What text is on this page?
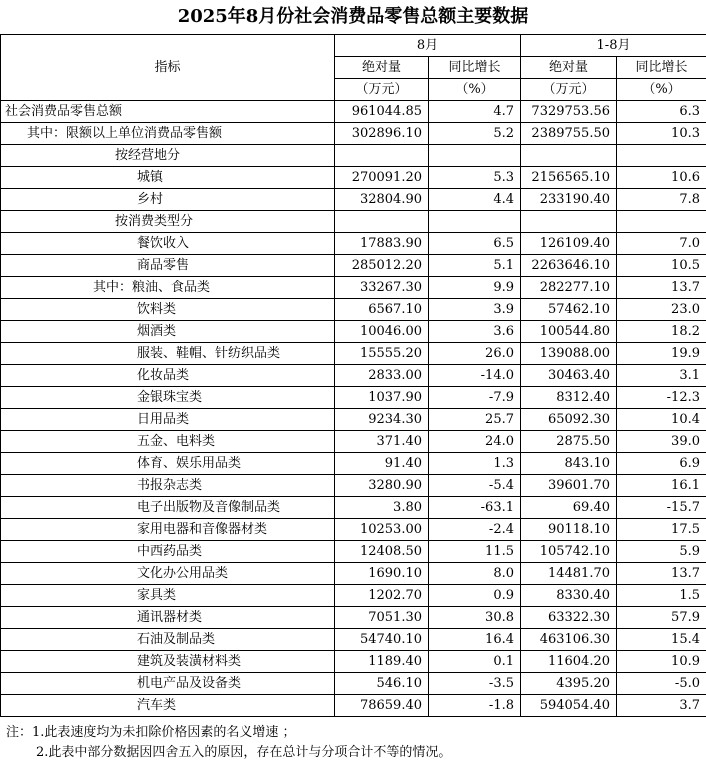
2025年8月份社会消费品零售总额主要数据
指标	8月		1-8月	
	绝对量	同比增长	绝对量	同比增长
	（万元）	（%）	（万元）	（%）
社会消费品零售总额	961044.85	4.7	7329753.56	6.3
其中：限额以上单位消费品零售额	302896.10	5.2	2389755.50	10.3
按经营地分				
城镇	270091.20	5.3	2156565.10	10.6
乡村	32804.90	4.4	233190.40	7.8
按消费类型分				
餐饮收入	17883.90	6.5	126109.40	7.0
商品零售	285012.20	5.1	2263646.10	10.5
其中：粮油、食品类	33267.30	9.9	282277.10	13.7
饮料类	6567.10	3.9	57462.10	23.0
烟酒类	10046.00	3.6	100544.80	18.2
服装、鞋帽、针纺织品类	15555.20	26.0	139088.00	19.9
化妆品类	2833.00	-14.0	30463.40	3.1
金银珠宝类	1037.90	-7.9	8312.40	-12.3
日用品类	9234.30	25.7	65092.30	10.4
五金、电料类	371.40	24.0	2875.50	39.0
体育、娱乐用品类	91.40	1.3	843.10	6.9
书报杂志类	3280.90	-5.4	39601.70	16.1
电子出版物及音像制品类	3.80	-63.1	69.40	-15.7
家用电器和音像器材类	10253.00	-2.4	90118.10	17.5
中西药品类	12408.50	11.5	105742.10	5.9
文化办公用品类	1690.10	8.0	14481.70	13.7
家具类	1202.70	0.9	8330.40	1.5
通讯器材类	7051.30	30.8	63322.30	57.9
石油及制品类	54740.10	16.4	463106.30	15.4
建筑及装潢材料类	1189.40	0.1	11604.20	10.9
机电产品及设备类	546.10	-3.5	4395.20	-5.0
汽车类	78659.40	-1.8	594054.40	3.7
注：1.此表速度均为未扣除价格因素的名义增速 ；
2.此表中部分数据因四舍五入的原因，存在总计与分项合计不等的情况。
